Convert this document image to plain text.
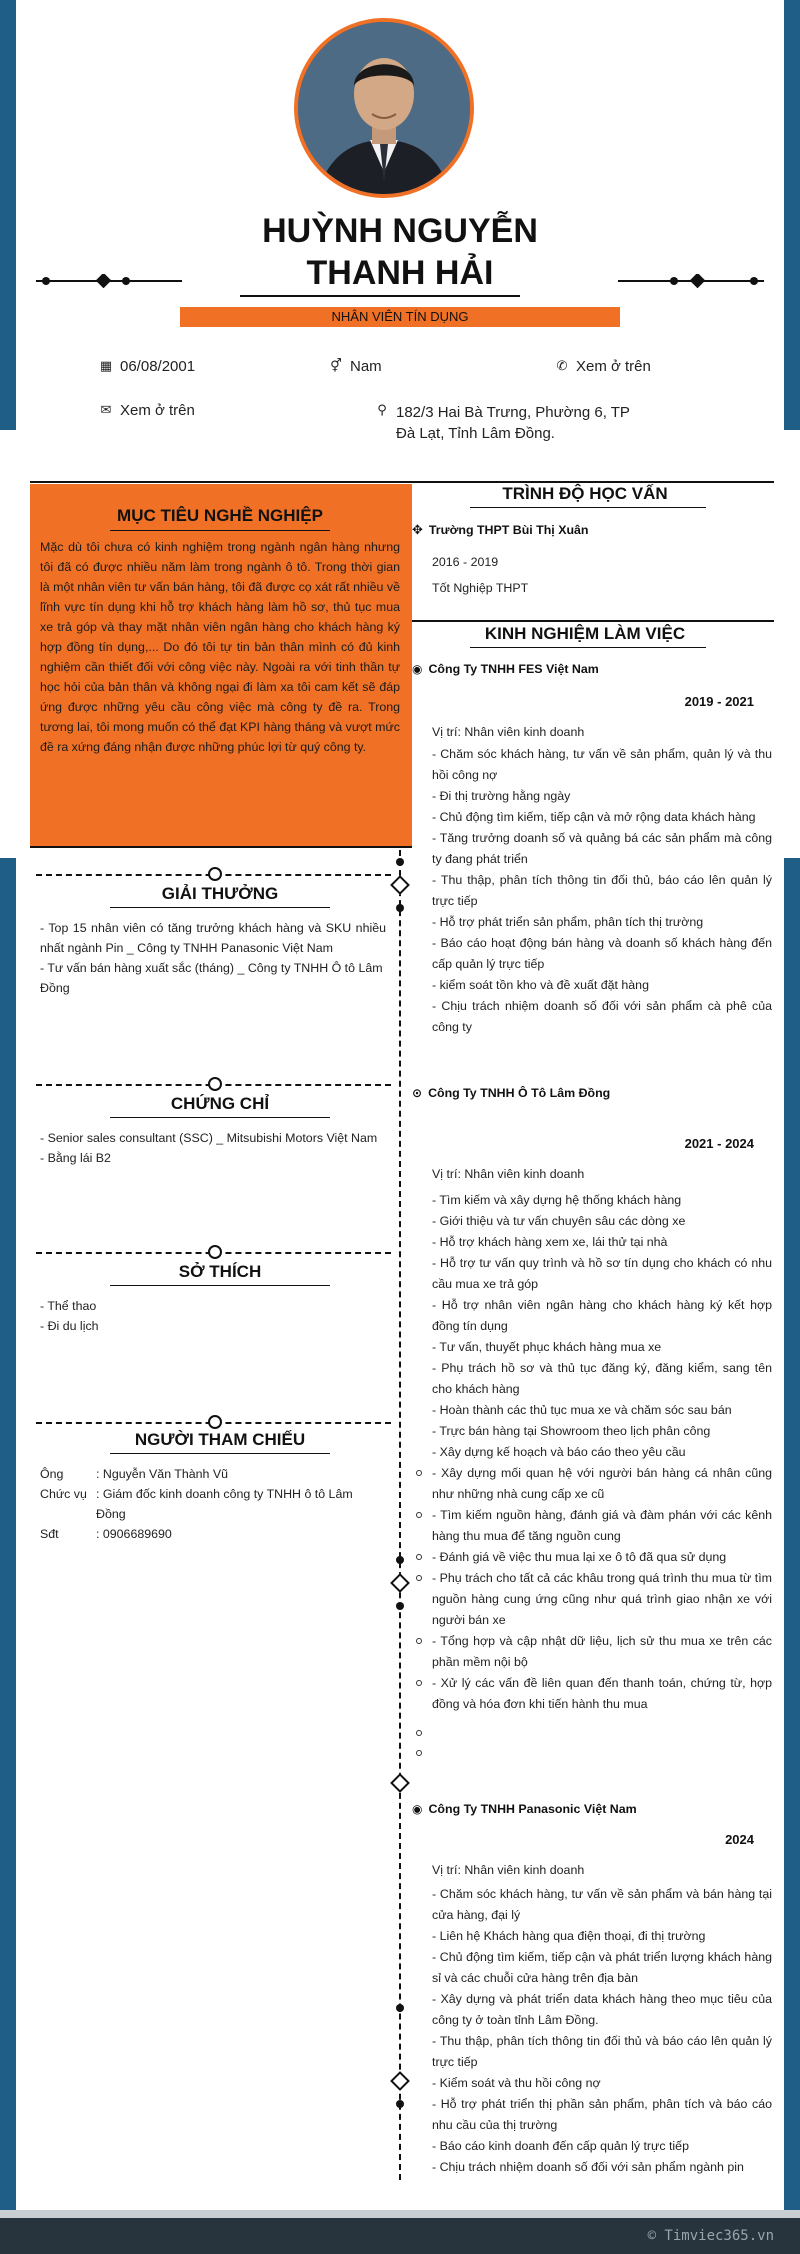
HUỲNH NGUYỄN
THANH HẢI
NHÂN VIÊN TÍN DỤNG
▦ 06/08/2001	⚥ Nam	✆ Xem ở trên
✉ Xem ở trên	⚲ 182/3 Hai Bà Trưng, Phường 6, TP
Đà Lạt, Tỉnh Lâm Đồng.
MỤC TIÊU NGHỀ NGHIỆP

Mặc dù tôi chưa có kinh nghiệm trong ngành ngân hàng nhưng tôi đã có được nhiều năm làm trong ngành ô tô. Trong thời gian là một nhân viên tư vấn bán hàng, tôi đã được cọ xát rất nhiều về lĩnh vực tín dụng khi hỗ trợ khách hàng làm hồ sơ, thủ tục mua xe trả góp và thay mặt nhân viên ngân hàng cho khách hàng ký hợp đồng tín dụng,... Do đó tôi tự tin bản thân mình có đủ kinh nghiệm cần thiết đối với công việc này. Ngoài ra với tinh thần tự học hỏi của bản thân và không ngại đi làm xa tôi cam kết sẽ đáp ứng được những yêu cầu công việc mà công ty đề ra. Trong tương lai, tôi mong muốn có thể đạt KPI hàng tháng và vượt mức đề ra xứng đáng nhận được những phúc lợi từ quý công ty.

TRÌNH ĐỘ HỌC VẤN
✥ Trường THPT Bùi Thị Xuân
2016 - 2019
Tốt Nghiệp THPT
KINH NGHIỆM LÀM VIỆC
◉ Công Ty TNHH FES Việt Nam
2019 - 2021
Vị trí: Nhân viên kinh doanh
- Chăm sóc khách hàng, tư vấn về sản phẩm, quản lý và thu hồi công nợ
- Đi thị trường hằng ngày
- Chủ động tìm kiếm, tiếp cận và mở rộng data khách hàng
- Tăng trưởng doanh số và quảng bá các sản phẩm mà công ty đang phát triển
- Thu thập, phân tích thông tin đối thủ, báo cáo lên quản lý trực tiếp
- Hỗ trợ phát triển sản phẩm, phân tích thị trường
- Báo cáo hoạt động bán hàng và doanh số khách hàng đến cấp quản lý trực tiếp
- kiểm soát tồn kho và đề xuất đặt hàng
- Chịu trách nhiệm doanh số đối với sản phẩm cà phê của công ty
⊙ Công Ty TNHH Ô Tô Lâm Đồng
2021 - 2024
Vị trí: Nhân viên kinh doanh
- Tìm kiếm và xây dựng hệ thống khách hàng
- Giới thiệu và tư vấn chuyên sâu các dòng xe
- Hỗ trợ khách hàng xem xe, lái thử tại nhà
- Hỗ trợ tư vấn quy trình và hồ sơ tín dụng cho khách có nhu cầu mua xe trả góp
- Hỗ trợ nhân viên ngân hàng cho khách hàng ký kết hợp đồng tín dụng
- Tư vấn, thuyết phục khách hàng mua xe
- Phụ trách hồ sơ và thủ tục đăng ký, đăng kiểm, sang tên cho khách hàng
- Hoàn thành các thủ tục mua xe và chăm sóc sau bán
- Trực bán hàng tại Showroom theo lịch phân công
- Xây dựng kế hoạch và báo cáo theo yêu cầu
- Xây dựng mối quan hệ với người bán hàng cá nhân cũng như những nhà cung cấp xe cũ
- Tìm kiếm nguồn hàng, đánh giá và đàm phán với các kênh hàng thu mua để tăng nguồn cung
- Đánh giá về việc thu mua lại xe ô tô đã qua sử dụng
- Phụ trách cho tất cả các khâu trong quá trình thu mua từ tìm nguồn hàng cung ứng cũng như quá trình giao nhận xe với người bán xe
- Tổng hợp và cập nhật dữ liệu, lịch sử thu mua xe trên các phần mềm nội bộ
- Xử lý các vấn đề liên quan đến thanh toán, chứng từ, hợp đồng và hóa đơn khi tiến hành thu mua
◉ Công Ty TNHH Panasonic Việt Nam
2024
Vị trí: Nhân viên kinh doanh
- Chăm sóc khách hàng, tư vấn về sản phẩm và bán hàng tại cửa hàng, đại lý
- Liên hệ Khách hàng qua điện thoại, đi thị trường
- Chủ động tìm kiếm, tiếp cận và phát triển lượng khách hàng sỉ và các chuỗi cửa hàng trên địa bàn
- Xây dựng và phát triển data khách hàng theo mục tiêu của công ty ở toàn tỉnh Lâm Đồng.
- Thu thập, phân tích thông tin đối thủ và báo cáo lên quản lý trực tiếp
- Kiểm soát và thu hồi công nợ
- Hỗ trợ phát triển thị phần sản phẩm, phân tích và báo cáo nhu cầu của thị trường
- Báo cáo kinh doanh đến cấp quản lý trực tiếp
- Chịu trách nhiệm doanh số đối với sản phẩm ngành pin
GIẢI THƯỞNG
- Top 15 nhân viên có tăng trưởng khách hàng và SKU nhiều nhất ngành Pin _ Công ty TNHH Panasonic Việt Nam
- Tư vấn bán hàng xuất sắc (tháng) _ Công ty TNHH Ô tô Lâm Đồng
CHỨNG CHỈ
- Senior sales consultant (SSC) _ Mitsubishi Motors Việt Nam
- Bằng lái B2
SỞ THÍCH
- Thể thao
- Đi du lịch
NGƯỜI THAM CHIẾU
Ông	: Nguyễn Văn Thành Vũ
Chức vụ : Giám đốc kinh doanh công ty TNHH ô tô Lâm Đồng
Sđt	: 0906689690
© Timviec365.vn
